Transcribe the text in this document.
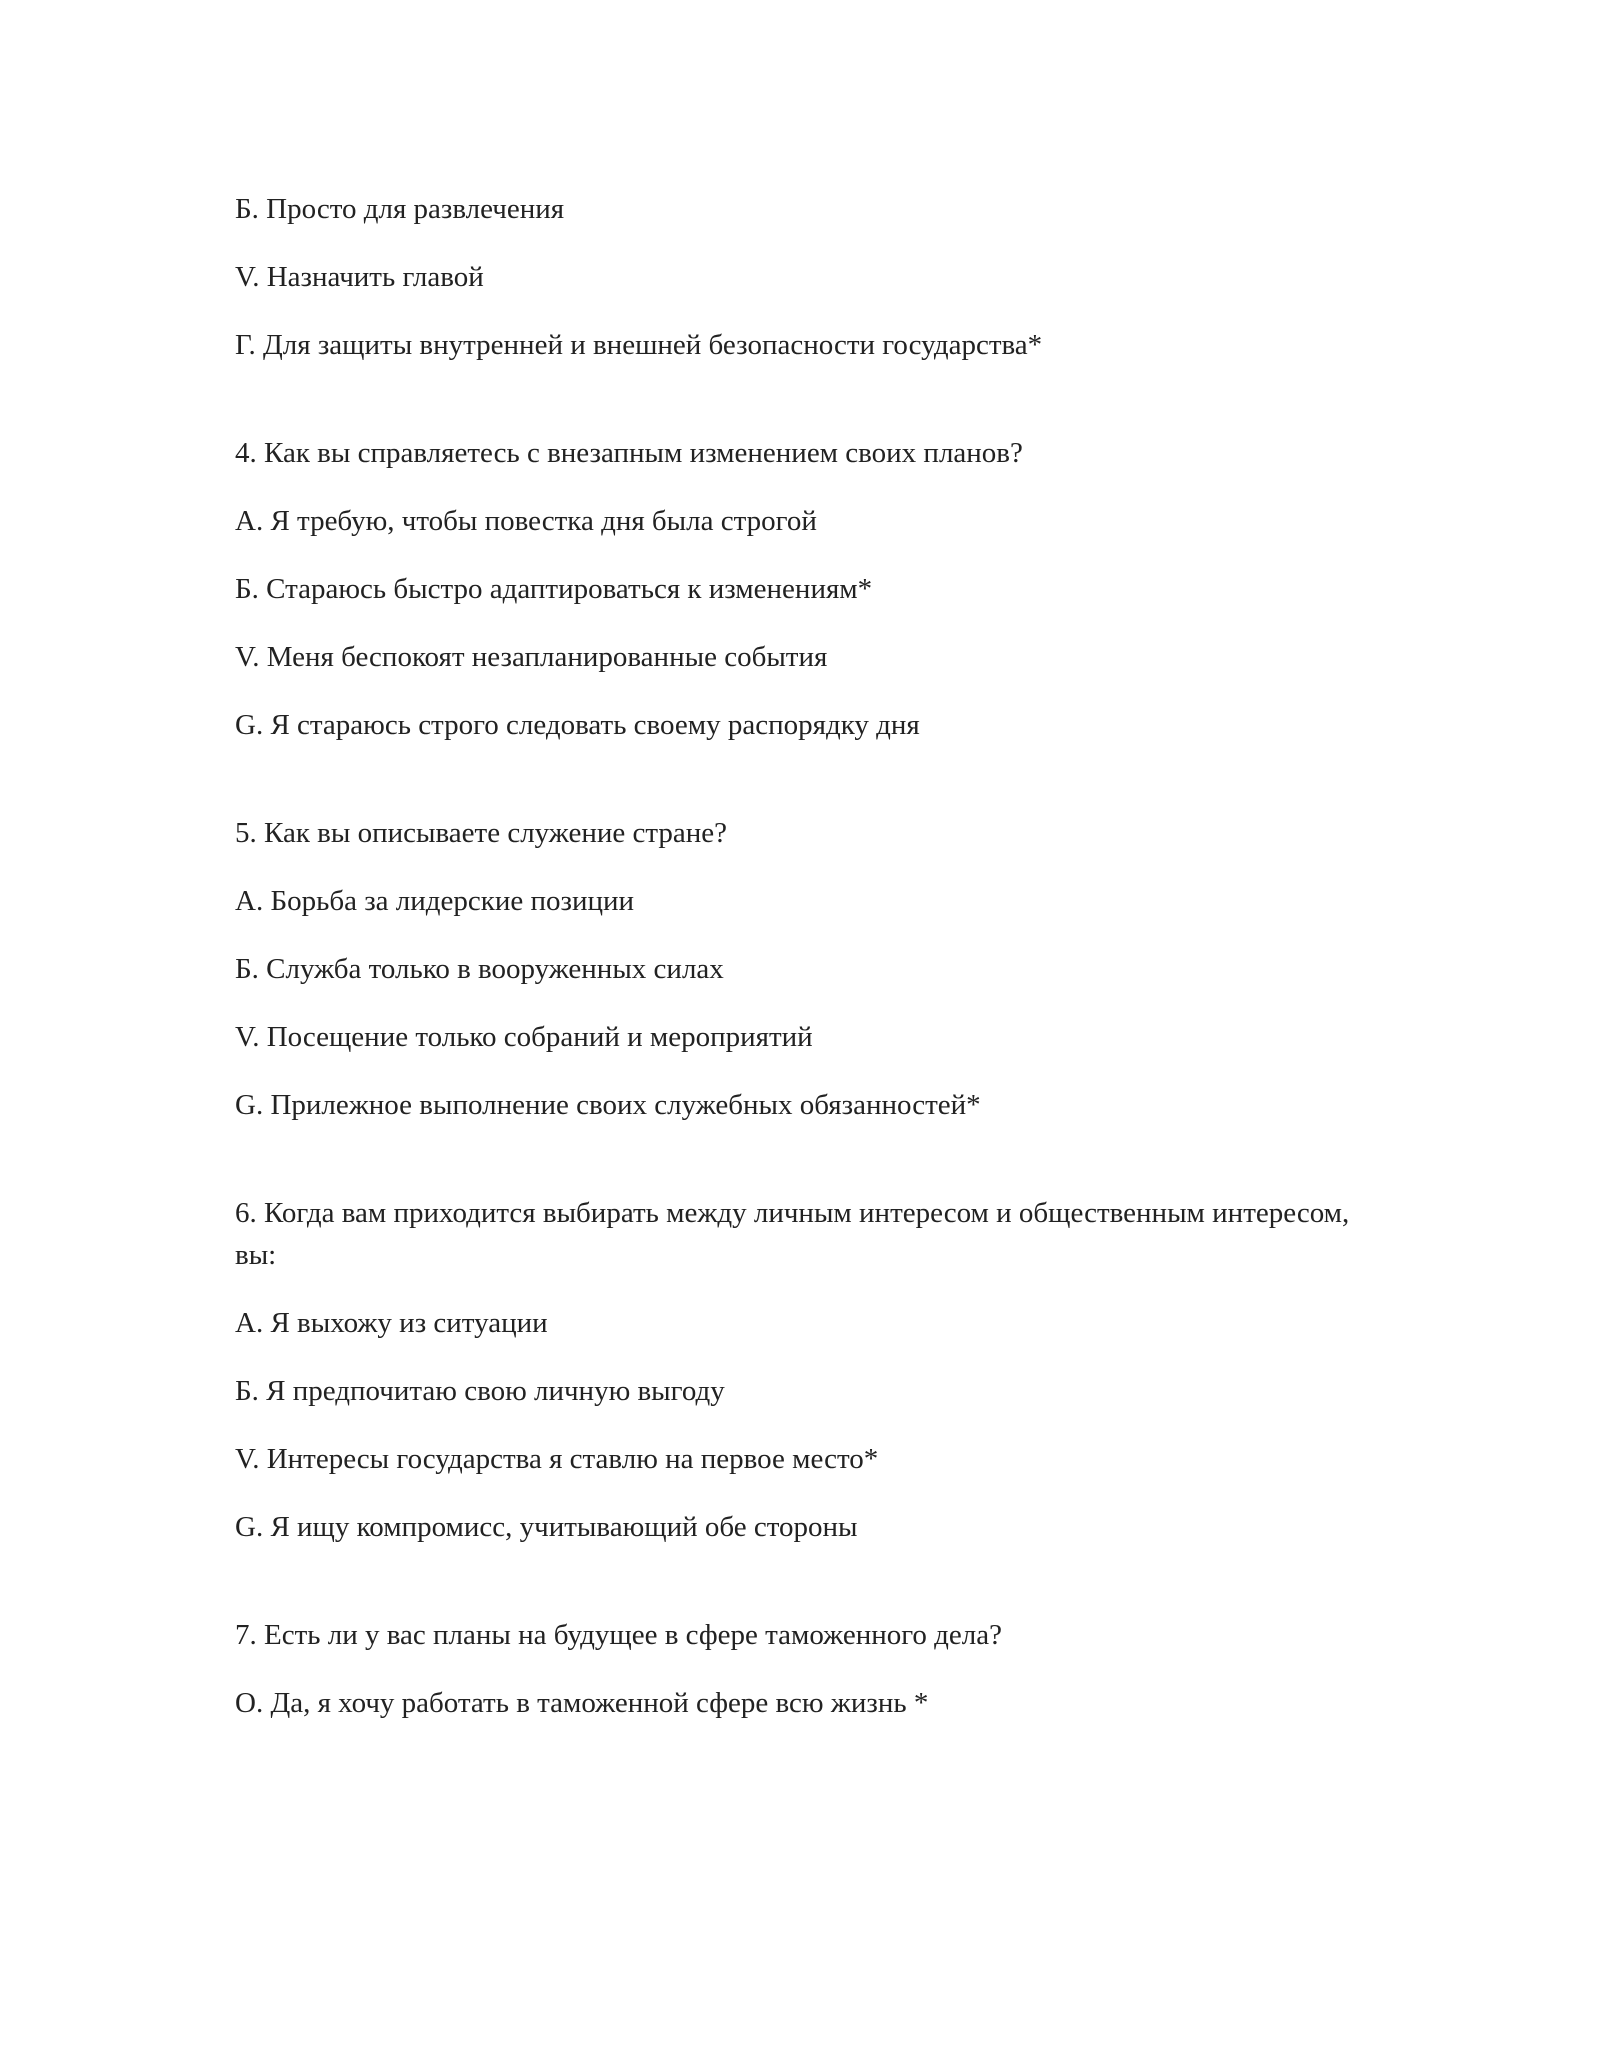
Б. Просто для развлечения

V. Назначить главой

Г. Для защиты внутренней и внешней безопасности государства*

4. Как вы справляетесь с внезапным изменением своих планов?

А. Я требую, чтобы повестка дня была строгой

Б. Стараюсь быстро адаптироваться к изменениям*

V. Меня беспокоят незапланированные события

G. Я стараюсь строго следовать своему распорядку дня

5. Как вы описываете служение стране?

А. Борьба за лидерские позиции

Б. Служба только в вооруженных силах

V. Посещение только собраний и мероприятий

G. Прилежное выполнение своих служебных обязанностей*

6. Когда вам приходится выбирать между личным интересом и общественным интересом, вы:

А. Я выхожу из ситуации

Б. Я предпочитаю свою личную выгоду

V. Интересы государства я ставлю на первое место*

G. Я ищу компромисс, учитывающий обе стороны

7. Есть ли у вас планы на будущее в сфере таможенного дела?

О. Да, я хочу работать в таможенной сфере всю жизнь *
